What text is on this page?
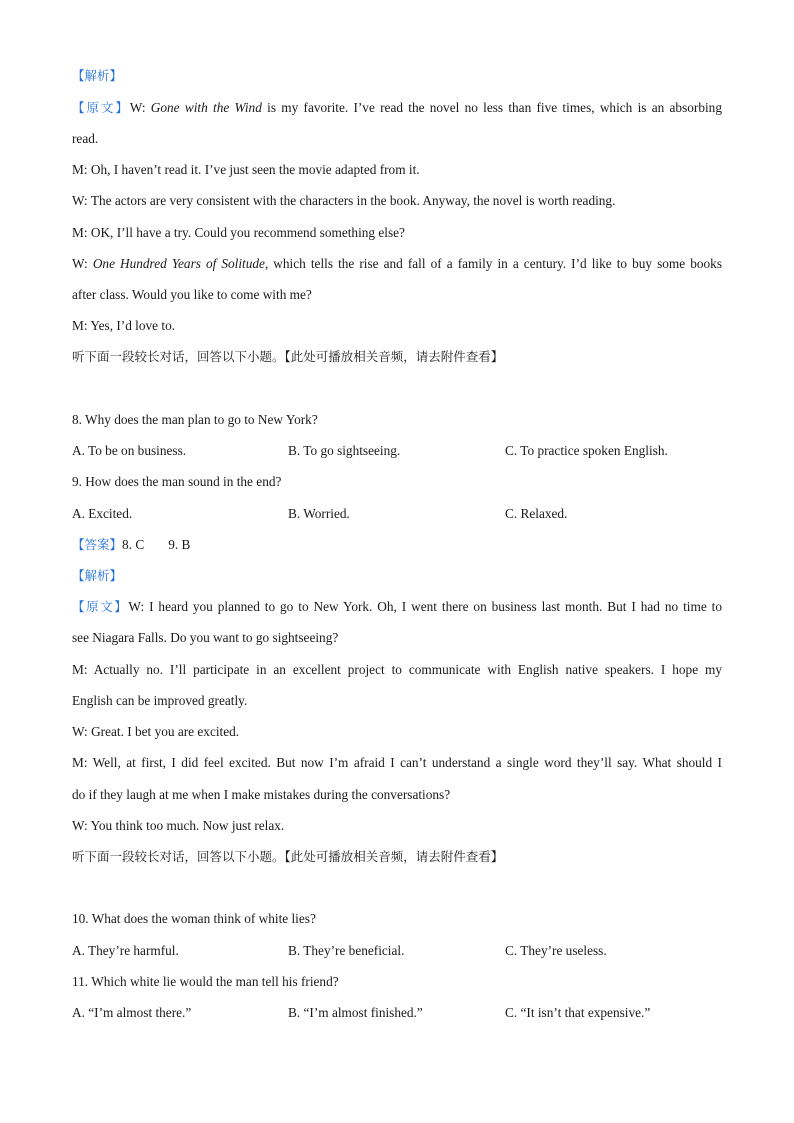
【解析】
【原文】W: Gone with the Wind is my favorite. I’ve read the novel no less than five times, which is an absorbing
read.
M: Oh, I haven’t read it. I’ve just seen the movie adapted from it.
W: The actors are very consistent with the characters in the book. Anyway, the novel is worth reading.
M: OK, I’ll have a try. Could you recommend something else?
W: One Hundred Years of Solitude, which tells the rise and fall of a family in a century. I’d like to buy some books
after class. Would you like to come with me?
M: Yes, I’d love to.
听下面一段较长对话，回答以下小题。【此处可播放相关音频，请去附件查看】
8. Why does the man plan to go to New York?
A. To be on business.	B. To go sightseeing.	C. To practice spoken English.
9. How does the man sound in the end?
A. Excited.	B. Worried.	C. Relaxed.
【答案】8. C 9. B
【解析】
【原文】W: I heard you planned to go to New York. Oh, I went there on business last month. But I had no time to
see Niagara Falls. Do you want to go sightseeing?
M: Actually no. I’ll participate in an excellent project to communicate with English native speakers. I hope my
English can be improved greatly.
W: Great. I bet you are excited.
M: Well, at first, I did feel excited. But now I’m afraid I can’t understand a single word they’ll say. What should I
do if they laugh at me when I make mistakes during the conversations?
W: You think too much. Now just relax.
听下面一段较长对话，回答以下小题。【此处可播放相关音频，请去附件查看】
10. What does the woman think of white lies?
A. They’re harmful.	B. They’re beneficial.	C. They’re useless.
11. Which white lie would the man tell his friend?
A. “I’m almost there.”	B. “I’m almost finished.”	C. “It isn’t that expensive.”
